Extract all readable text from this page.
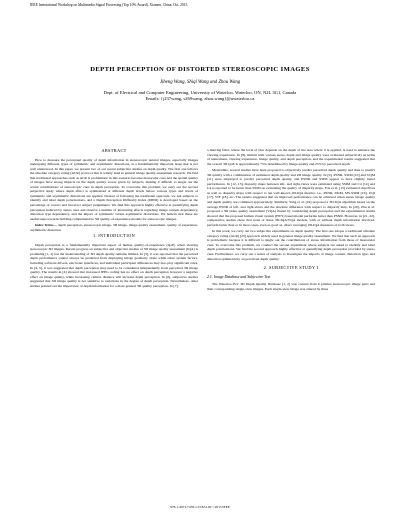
IEEE International Workshop on Multimedia Signal Processing (Top 10% Award), Xiamen, China, Oct. 2015.
DEPTH PERCEPTION OF DISTORTED STEREOSCOPIC IMAGES
Jiheng Wang, Shiqi Wang and Zhou Wang
Dept. of Electrical and Computer Engineering, University of Waterloo, Waterloo, ON, N2L 3G1, Canada
Emails: {j237wang, s269wang, zhou.wang}@uwaterloo.ca
ABSTRACT

How to measure the perceptual quality of depth information in stereoscopic natural images, especially images undergoing different types of symmetric and asymmetric distortions, is a fundamentally important issue that is not well understood. In this paper, we present two of our recent subjective studies on depth quality. The first one follows the absolute category rating (ACR) protocol that is widely used in general image quality assessment research. We find that traditional approaches such as ACR is problematic in this scenario because monocular cues and the spatial quality of images have strong impacts on the depth quality scores given by subjects, making it difficult to single out the actual contributions of stereoscopic cues in depth perception. To overcome this problem, we carry out the second subjective study where depth effect is synthesized at different depth levels before various types and levels of symmetric and asymmetric distortions are applied. Instead of following the traditional approach, we ask subjects to identify and label depth polarizations, and a Depth Perception Difficulty Index (DPDI) is developed based on the percentage of correct and incorrect subject judgements. We find this approach highly effective at quantifying depth perception induced by stereo cues and observe a number of interesting effects regarding image content dependency, distortion type dependency, and the impact of symmetric versus asymmetric distortions. We believe that these are useful steps towards building comprehensive 3D quality-of-experience models for stereoscopic images.

Index Terms— depth perception, stereoscopic image, 3D image, image quality assessment, quality of experience, asymmetric distortion

1. INTRODUCTION

Depth perception is a fundamentally important aspect of human quality-of-experience (QoE) when viewing stereoscopic 3D images. Recent progress on subjective and objective studies of 3D image quality assessment (IQA) is promising [1, 2] but the understanding of 3D depth quality remains limited. In [3], it was reported that the perceived depth performance cannot always be predicted from displaying image geometry alone while other system factors, including software drivers, electronic interfaces, and individual participant differences may also play significant roles. In [4, 5], it was suggested that depth perception may need to be considered independently from perceived 3D image quality. The results in [4] showed that increased JPEG coding has no effect on depth perception however a negative effect on image quality, while increasing camera distance will increase depth perception. In [6], subjective studies suggested that 3D image quality is not sensitive to variations in the degree of depth perception. Nevertheless, other studies pointed out the importance of depth information for a more general 3D quality perception. In [7],

a blurring filter, where the level of blur depends on the depth of the area where it is applied, is used to enhance the viewing experience. In [8], stimuli with various stereo depth and image quality were evaluated subjectively in terms of naturalness, viewing experience, image quality, and depth perception, and the experimental results suggested that the overall 3D QoE is approximately 75% determined by image quality and 25% by perceived depth.

Meanwhile, several studies have been proposed to objectively predict perceived depth quality and then to predict 3D quality with a combination of estimated depth quality and 2D image quality. In [9], PSNR, SSIM [10] and VQM [11] were employed to predict perceived depth quality, and PSNR and SSIM appear to have slightly better performance. In [12, 13], disparity maps between left- and right-views were estimated using SSIM and C4 [14] and C4 is reported to be better than SSIM on evaluating the quality of disparity maps. You et al. [15] evaluated objectives as well as disparity maps with respect to ten well-known 2D-IQA metrics, i.e., PSNR, SSIM, MS-SSIM [16], UQI [17], VIF [18], etc. The results suggested that an improved performance can be achieved when stereo image quality and depth quality are combined appropriately. Similarly, Yang et al. [19] proposed a 3D-IQA algorithm based on the average PSNR of left- and right-views and the absolute difference with respect to disparity map. In [20], Zhu et al. proposed a 3D video quality assessment (VQA) model by considering depth perception and the experimental results showed that the proposed human visual system (HVS) based model performs better than PSNR. However, in [21, 22], comparative studies show that none of these 3D-IQA/VQA models, with or without depth information involved, perform better than or in most cases, even as good as, direct averaging 2D-IQA measures of both views.

In this work, we carry out two subjective experiments on depth quality. The first one adopts a traditional absolute category rating (ACR) [23] approach widely used in general image quality assessment. We find that such an approach is problematic because it is difficult to single out the contributions of stereo information from those of monocular cues. To overcome this problem, we conduct the second experiment where subjects are asked to identify and label depth polarizations. We find the second approach highly effective at quantifying depth perception provided by stereo cues. Furthermore, we carry out a series of analysis to investigate the impacts of image content, distortion type, and distortion symmetricity on perceived depth quality.

2. SUBJECTIVE STUDY I
2.1. Image Database and Subjective Test

The Waterloo-IVC 3D Depth Quality Database [1, 2] was created from 6 pristine stereoscopic image pairs and their corresponding single-view images. Each single-view image was altered by three

978-1-4673-7478-1/15/$31.00 ©2015 IEEE
